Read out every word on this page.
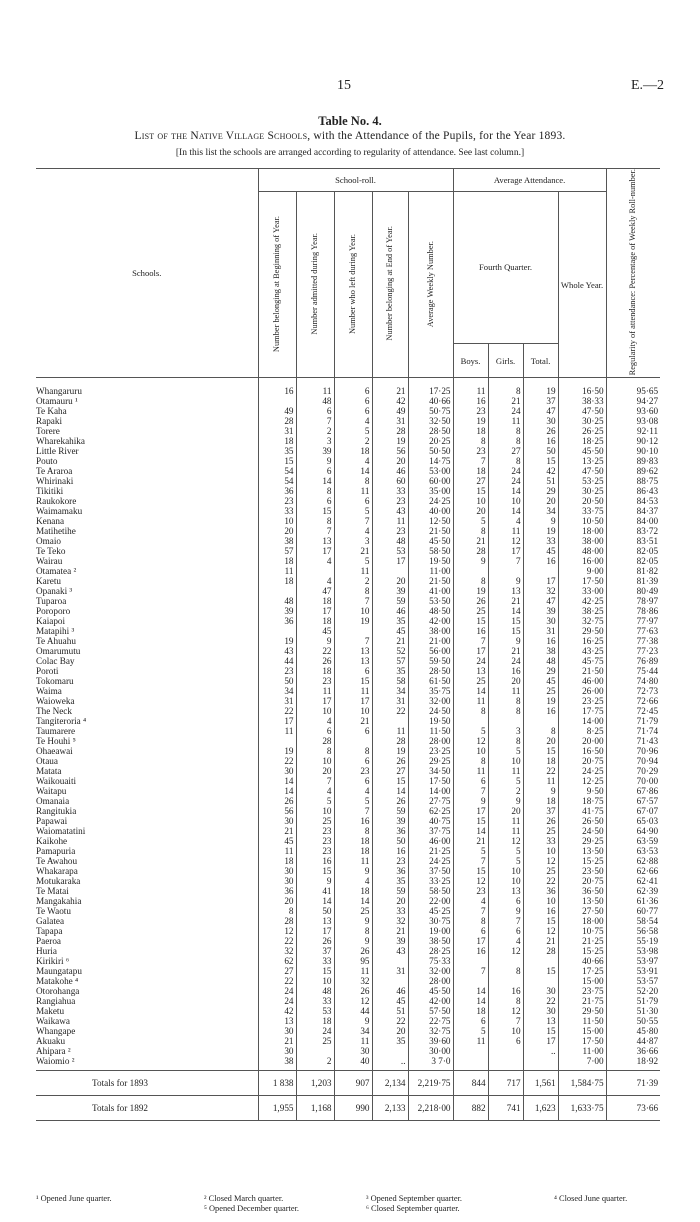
15	E.—2
Table No. 4.
List of the Native Village Schools, with the Attendance of the Pupils, for the Year 1893.
[In this list the schools are arranged according to regularity of attendance. See last column.]
Schools.	School-roll.					Average Attendance.				Regularity of attendance: Percentage of Weekly Roll-number.
	Number belonging at Beginning of Year.	Number admitted during Year.	Number who left during Year.	Number belonging at End of Year.	Average Weekly Number.	Fourth Quarter.			Whole Year.	
						Boys.	Girls.	Total.		
Whangaruru	16	11	6	21	17·25	11	8	19	16·50	95·65
Otamauru ¹		48	6	42	40·66	16	21	37	38·33	94·27
Te Kaha	49	6	6	49	50·75	23	24	47	47·50	93·60
Rapaki	28	7	4	31	32·50	19	11	30	30·25	93·08
Torere	31	2	5	28	28·50	18	8	26	26·25	92·11
Wharekahika	18	3	2	19	20·25	8	8	16	18·25	90·12
Little River	35	39	18	56	50·50	23	27	50	45·50	90·10
Pouto	15	9	4	20	14·75	7	8	15	13·25	89·83
Te Araroa	54	6	14	46	53·00	18	24	42	47·50	89·62
Whirinaki	54	14	8	60	60·00	27	24	51	53·25	88·75
Tikitiki	36	8	11	33	35·00	15	14	29	30·25	86·43
Raukokore	23	6	6	23	24·25	10	10	20	20·50	84·53
Waimamaku	33	15	5	43	40·00	20	14	34	33·75	84·37
Kenana	10	8	7	11	12·50	5	4	9	10·50	84·00
Matihetihe	20	7	4	23	21·50	8	11	19	18·00	83·72
Omaio	38	13	3	48	45·50	21	12	33	38·00	83·51
Te Teko	57	17	21	53	58·50	28	17	45	48·00	82·05
Wairau	18	4	5	17	19·50	9	7	16	16·00	82·05
Otamatea ²	11		11		11·00				9·00	81·82
Karetu	18	4	2	20	21·50	8	9	17	17·50	81·39
Opanaki ³		47	8	39	41·00	19	13	32	33·00	80·49
Tuparoa	48	18	7	59	53·50	26	21	47	42·25	78·97
Poroporo	39	17	10	46	48·50	25	14	39	38·25	78·86
Kaiapoi	36	18	19	35	42·00	15	15	30	32·75	77·97
Matapihi ³		45		45	38·00	16	15	31	29·50	77·63
Te Ahuahu	19	9	7	21	21·00	7	9	16	16·25	77·38
Omarumutu	43	22	13	52	56·00	17	21	38	43·25	77·23
Colac Bay	44	26	13	57	59·50	24	24	48	45·75	76·89
Poroti	23	18	6	35	28·50	13	16	29	21·50	75·44
Tokomaru	50	23	15	58	61·50	25	20	45	46·00	74·80
Waima	34	11	11	34	35·75	14	11	25	26·00	72·73
Waioweka	31	17	17	31	32·00	11	8	19	23·25	72·66
The Neck	22	10	10	22	24·50	8	8	16	17·75	72·45
Tangiteroria ⁴	17	4	21		19·50				14·00	71·79
Taumarere	11	6	6	11	11·50	5	3	8	8·25	71·74
Te Houhi ⁵		28		28	28·00	12	8	20	20·00	71·43
Ohaeawai	19	8	8	19	23·25	10	5	15	16·50	70·96
Otaua	22	10	6	26	29·25	8	10	18	20·75	70·94
Matata	30	20	23	27	34·50	11	11	22	24·25	70·29
Waikouaiti	14	7	6	15	17·50	6	5	11	12·25	70·00
Waitapu	14	4	4	14	14·00	7	2	9	9·50	67·86
Omanaia	26	5	5	26	27·75	9	9	18	18·75	67·57
Rangitukia	56	10	7	59	62·25	17	20	37	41·75	67·07
Papawai	30	25	16	39	40·75	15	11	26	26·50	65·03
Waiomatatini	21	23	8	36	37·75	14	11	25	24·50	64·90
Kaikohe	45	23	18	50	46·00	21	12	33	29·25	63·59
Pamapuria	11	23	18	16	21·25	5	5	10	13·50	63·53
Te Awahou	18	16	11	23	24·25	7	5	12	15·25	62·88
Whakarapa	30	15	9	36	37·50	15	10	25	23·50	62·66
Motukaraka	30	9	4	35	33·25	12	10	22	20·75	62·41
Te Matai	36	41	18	59	58·50	23	13	36	36·50	62·39
Mangakahia	20	14	14	20	22·00	4	6	10	13·50	61·36
Te Waotu	8	50	25	33	45·25	7	9	16	27·50	60·77
Galatea	28	13	9	32	30·75	8	7	15	18·00	58·54
Tapapa	12	17	8	21	19·00	6	6	12	10·75	56·58
Paeroa	22	26	9	39	38·50	17	4	21	21·25	55·19
Huria	32	37	26	43	28·25	16	12	28	15·25	53·98
Kirikiri ⁶	62	33	95		75·33				40·66	53·97
Maungatapu	27	15	11	31	32·00	7	8	15	17·25	53·91
Matakohe ⁴	22	10	32		28·00				15·00	53·57
Otorohanga	24	48	26	46	45·50	14	16	30	23·75	52·20
Rangiahua	24	33	12	45	42·00	14	8	22	21·75	51·79
Maketu	42	53	44	51	57·50	18	12	30	29·50	51·30
Waikawa	13	18	9	22	22·75	6	7	13	11·50	50·55
Whangape	30	24	34	20	32·75	5	10	15	15·00	45·80
Akuaku	21	25	11	35	39·60	11	6	17	17·50	44·87
Ahipara ²	30		30		30·00			..	11·00	36·66
Waiomio ²	38	2	40	..	3 7·0				7·00	18·92
Totals for 1893	1 838	1,203	907	2,134	2,219·75	844	717	1,561	1,584·75	71·39
Totals for 1892	1,955	1,168	990	2,133	2,218·00	882	741	1,623	1,633·75	73·66
¹ Opened June quarter.	² Closed March quarter.	³ Opened September quarter.	⁴ Closed June quarter.
⁵ Opened December quarter.	⁶ Closed September quarter.
